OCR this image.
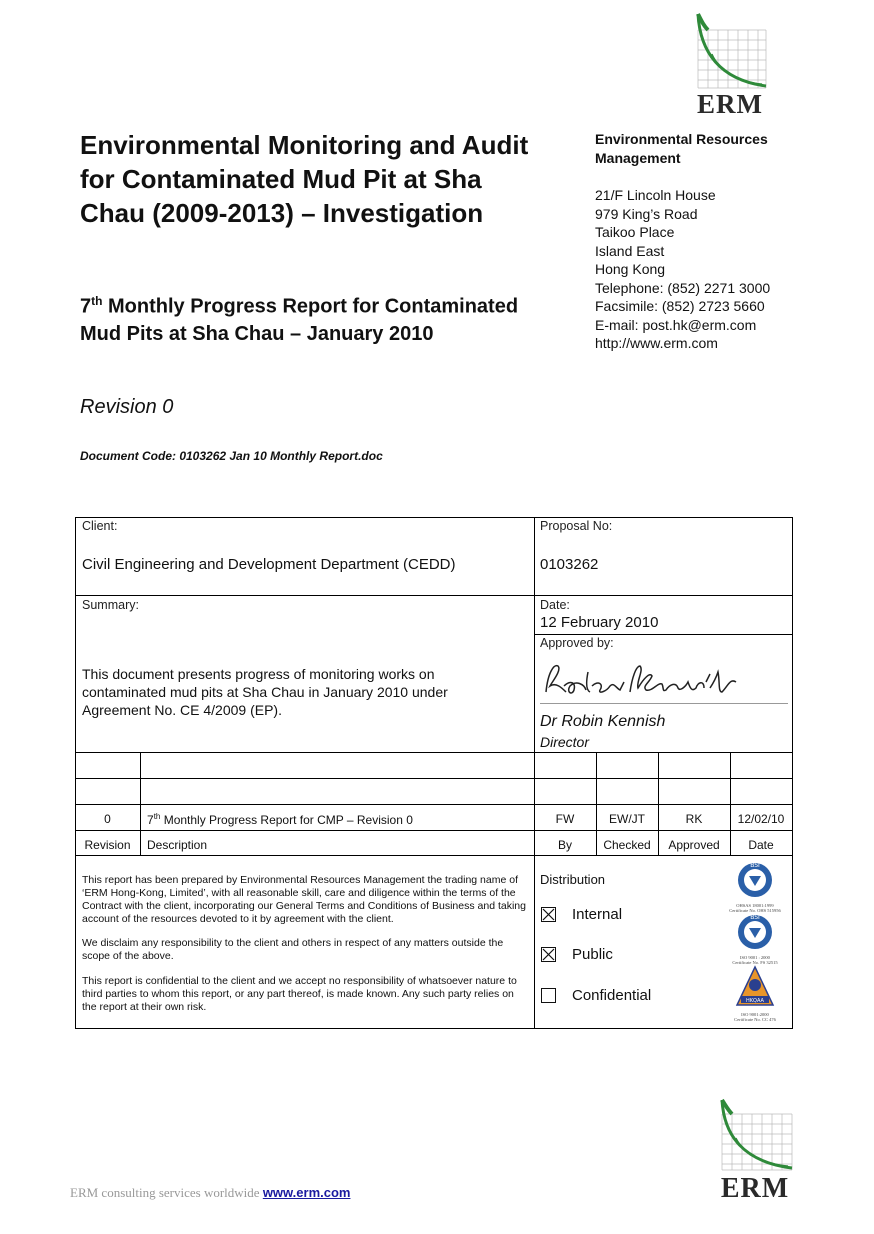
ERM
Environmental Monitoring and Audit for Contaminated Mud Pit at Sha Chau (2009-2013) – Investigation
7th Monthly Progress Report for Contaminated Mud Pits at Sha Chau – January 2010
Revision 0
Document Code: 0103262 Jan 10 Monthly Report.doc
Environmental Resources Management
21/F Lincoln House
979 King’s Road
Taikoo Place
Island East
Hong Kong
Telephone: (852) 2271 3000
Facsimile: (852) 2723 5660
E-mail: post.hk@erm.com
http://www.erm.com
Client:
Civil Engineering and Development Department (CEDD)
Proposal No:
0103262
Summary:
This document presents progress of monitoring works on contaminated mud pits at Sha Chau in January 2010 under Agreement No. CE 4/2009 (EP).
Date:
12 February 2010
Approved by:
Dr Robin Kennish
Director
0	7th Monthly Progress Report for CMP – Revision 0	FW	EW/JT	RK	12/02/10
Revision	Description	By	Checked	Approved	Date
This report has been prepared by Environmental Resources Management the trading name of ‘ERM Hong-Kong, Limited’, with all reasonable skill, care and diligence within the terms of the Contract with the client, incorporating our General Terms and Conditions of Business and taking account of the resources devoted to it by agreement with the client.
We disclaim any responsibility to the client and others in respect of any matters outside the scope of the above.
This report is confidential to the client and we accept no responsibility of whatsoever nature to third parties to whom this report, or any part thereof, is made known. Any such party relies on the report at their own risk.
Distribution
Internal
Public
Confidential
BSI
OHSAS 18001:1999
Certificate No. OHS 515956
BSI
ISO 9001 : 2000
Certificate No. FS 32515
HKQAA
ISO 9001:2000
Certificate No. CC 476
ERM
ERM consulting services worldwide www.erm.com
